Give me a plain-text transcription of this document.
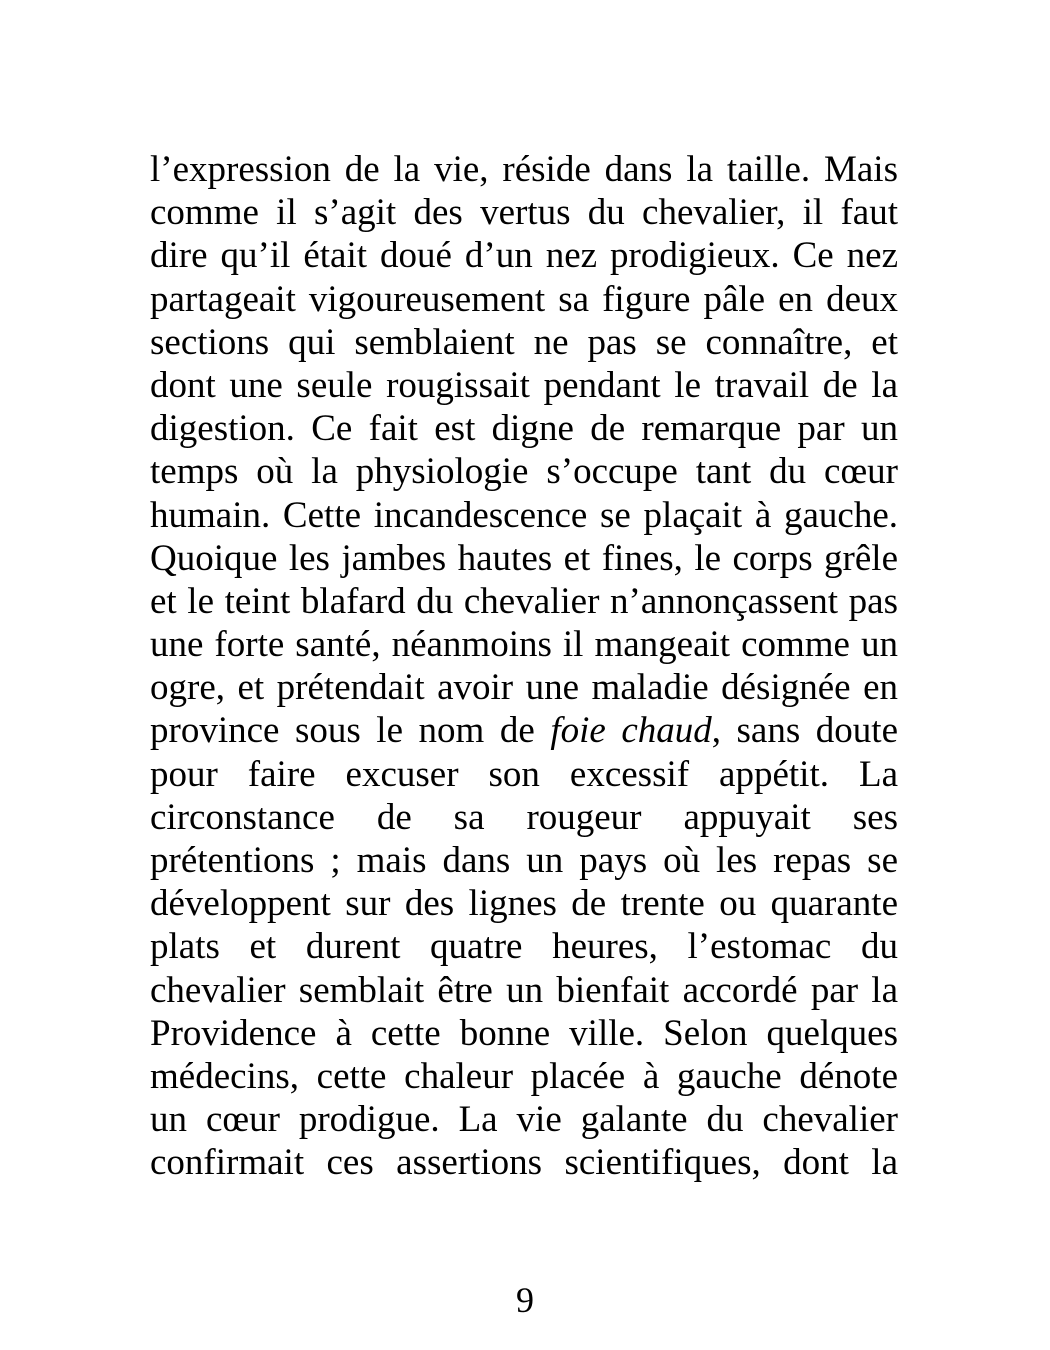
l’expression de la vie, réside dans la taille. Mais
comme il s’agit des vertus du chevalier, il faut
dire qu’il était doué d’un nez prodigieux. Ce nez
partageait vigoureusement sa figure pâle en deux
sections qui semblaient ne pas se connaître, et
dont une seule rougissait pendant le travail de la
digestion. Ce fait est digne de remarque par un
temps où la physiologie s’occupe tant du cœur
humain. Cette incandescence se plaçait à gauche.
Quoique les jambes hautes et fines, le corps grêle
et le teint blafard du chevalier n’annonçassent pas
une forte santé, néanmoins il mangeait comme un
ogre, et prétendait avoir une maladie désignée en
province sous le nom de foie chaud, sans doute
pour faire excuser son excessif appétit. La
circonstance de sa rougeur appuyait ses
prétentions ; mais dans un pays où les repas se
développent sur des lignes de trente ou quarante
plats et durent quatre heures, l’estomac du
chevalier semblait être un bienfait accordé par la
Providence à cette bonne ville. Selon quelques
médecins, cette chaleur placée à gauche dénote
un cœur prodigue. La vie galante du chevalier
confirmait ces assertions scientifiques, dont la
9
